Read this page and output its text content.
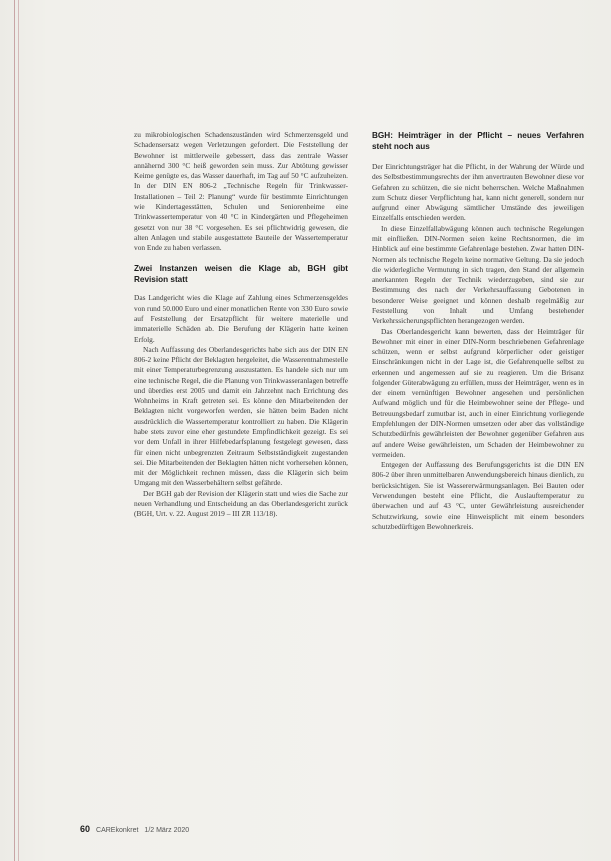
zu mikrobiologischen Schadenszuständen wird Schmerzensgeld und Schadensersatz wegen Verletzungen gefordert. Die Feststellung der Bewohner ist mittlerweile gebessert, dass das zentrale Wasser annähernd 300 °C heiß geworden sein muss. Zur Abtötung gewisser Keime genügte es, das Wasser dauerhaft, im Tag auf 50 °C aufzuheizen. In der DIN EN 806-2 „Technische Regeln für Trinkwasser-Installationen – Teil 2: Planung“ wurde für bestimmte Einrichtungen wie Kindertagesstätten, Schulen und Seniorenheime eine Trinkwassertemperatur von 40 °C in Kindergärten und Pflegeheimen gesetzt von nur 38 °C vorgesehen. Es sei pflichtwidrig gewesen, die alten Anlagen und stabile ausgestattete Bauteile der Wassertemperatur von Ende zu haben verlassen.

Zwei Instanzen weisen die Klage ab, BGH gibt Revision statt

Das Landgericht wies die Klage auf Zahlung eines Schmerzensgeldes von rund 50.000 Euro und einer monatlichen Rente von 330 Euro sowie auf Feststellung der Ersatzpflicht für weitere materielle und immaterielle Schäden ab. Die Berufung der Klägerin hatte keinen Erfolg.

Nach Auffassung des Oberlandesgerichts habe sich aus der DIN EN 806-2 keine Pflicht der Beklagten hergeleitet, die Wasserentnahmestelle mit einer Temperaturbegrenzung auszustatten. Es handele sich nur um eine technische Regel, die die Planung von Trinkwasseranlagen betreffe und überdies erst 2005 und damit ein Jahrzehnt nach Errichtung des Wohnheims in Kraft getreten sei. Es könne den Mitarbeitenden der Beklagten nicht vorgeworfen werden, sie hätten beim Baden nicht ausdrücklich die Wassertemperatur kontrolliert zu haben. Die Klägerin habe stets zuvor eine eher gestundete Empfindlichkeit gezeigt. Es sei vor dem Unfall in ihrer Hilfebedarfsplanung festgelegt gewesen, dass für einen nicht unbegrenzten Zeitraum Selbstständigkeit zugestanden sei. Die Mitarbeitenden der Beklagten hätten nicht vorhersehen können, mit der Möglichkeit rechnen müssen, dass die Klägerin sich beim Umgang mit den Wasserbehältern selbst gefährde.

Der BGH gab der Revision der Klägerin statt und wies die Sache zur neuen Verhandlung und Entscheidung an das Oberlandesgericht zurück (BGH, Urt. v. 22. August 2019 – III ZR 113/18).

BGH: Heimträger in der Pflicht – neues Verfahren steht noch aus

Der Einrichtungsträger hat die Pflicht, in der Wahrung der Würde und des Selbstbestimmungsrechts der ihm anvertrauten Bewohner diese vor Gefahren zu schützen, die sie nicht beherrschen. Welche Maßnahmen zum Schutz dieser Verpflichtung hat, kann nicht generell, sondern nur aufgrund einer Abwägung sämtlicher Umstände des jeweiligen Einzelfalls entschieden werden.

In diese Einzelfallabwägung können auch technische Regelungen mit einfließen. DIN-Normen seien keine Rechtsnormen, die im Hinblick auf eine bestimmte Gefahrenlage bestehen. Zwar hatten DIN-Normen als technische Regeln keine normative Geltung. Da sie jedoch die widerlegliche Vermutung in sich tragen, den Stand der allgemein anerkannten Regeln der Technik wiederzugeben, sind sie zur Bestimmung des nach der Verkehrsauffassung Gebotenen in besonderer Weise geeignet und können deshalb regelmäßig zur Feststellung von Inhalt und Umfang bestehender Verkehrssicherungspflichten herangezogen werden.

Das Oberlandesgericht kann bewerten, dass der Heimträger für Bewohner mit einer in einer DIN-Norm beschriebenen Gefahrenlage schützen, wenn er selbst aufgrund körperlicher oder geistiger Einschränkungen nicht in der Lage ist, die Gefahrenquelle selbst zu erkennen und angemessen auf sie zu reagieren. Um die Brisanz folgender Güterabwägung zu erfüllen, muss der Heimträger, wenn es in der einem vernünftigen Bewohner angesehen und persönlichen Aufwand möglich und für die Heimbewohner seine der Pflege- und Betreuungsbedarf zumutbar ist, auch in einer Einrichtung vorliegende Empfehlungen der DIN-Normen umsetzen oder aber das vollständige Schutzbedürfnis gewährleisten der Bewohner gegenüber Gefahren aus auf andere Weise gewährleisten, um Schaden der Heimbewohner zu vermeiden.

Entgegen der Auffassung des Berufungsgerichts ist die DIN EN 806-2 über ihren unmittelbaren Anwendungsbereich hinaus dienlich, zu berücksichtigen. Sie ist Wassererwärmungsanlagen. Bei Bauten oder Verwendungen besteht eine Pflicht, die Auslauftemperatur zu überwachen und auf 43 °C, unter Gewährleistung ausreichender Schutzwirkung, sowie eine Hinweisplicht mit einem besonders schutzbedürftigen Bewohnerkreis.

60 CAREkonkret 1/2 März 2020
